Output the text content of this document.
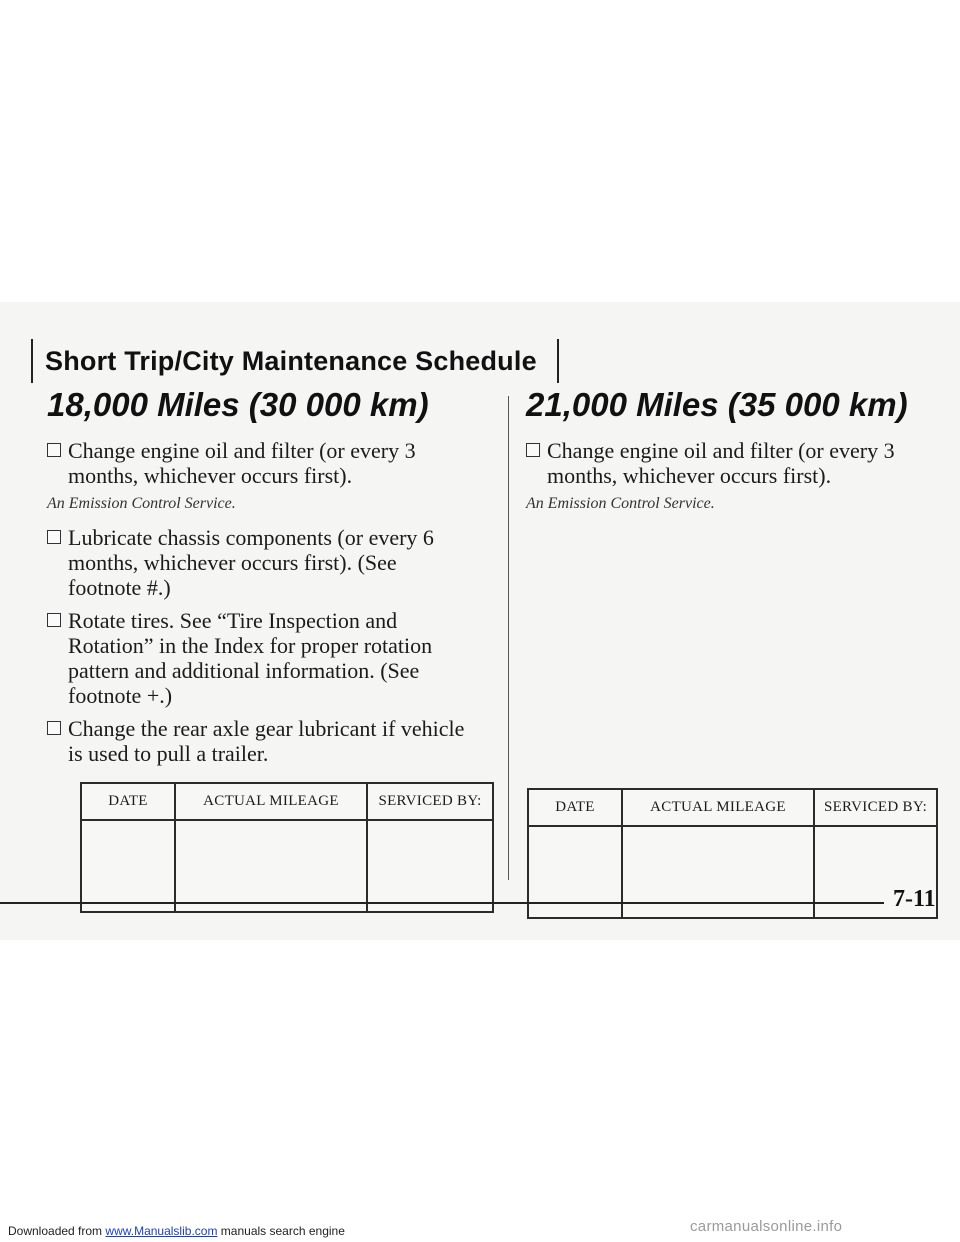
Short Trip/City Maintenance Schedule
18,000 Miles (30 000 km)
Change engine oil and filter (or every 3 months, whichever occurs first).
An Emission Control Service.
Lubricate chassis components (or every 6 months, whichever occurs first). (See footnote #.)
Rotate tires. See “Tire Inspection and Rotation” in the Index for proper rotation pattern and additional information. (See footnote +.)
Change the rear axle gear lubricant if vehicle is used to pull a trailer.
21,000 Miles (35 000 km)
Change engine oil and filter (or every 3 months, whichever occurs first).
An Emission Control Service.
DATE	ACTUAL MILEAGE	SERVICED BY:
			DATE	ACTUAL MILEAGE	SERVICED BY:

7-11
Downloaded from www.Manualslib.com manuals search engine	carmanualsonline.info
